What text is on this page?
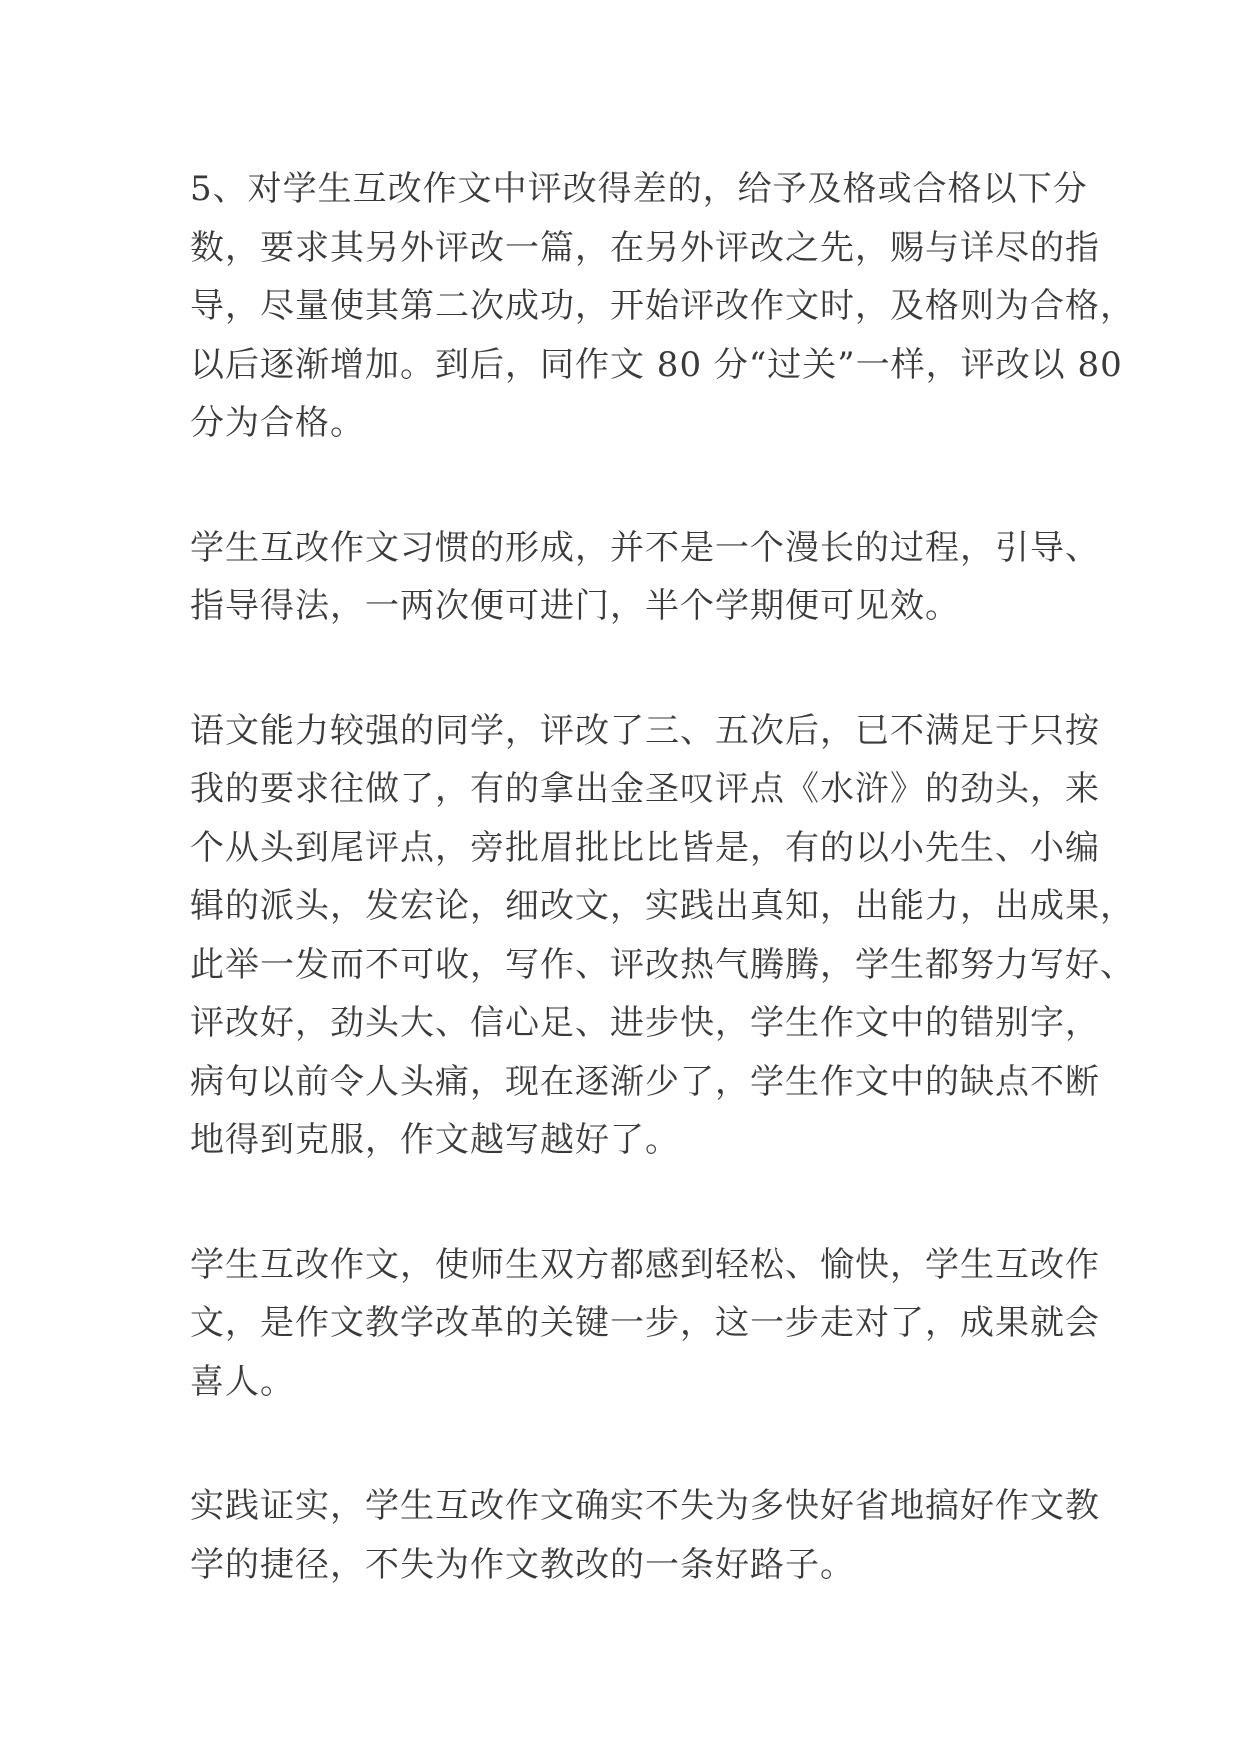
5、对学生互改作文中评改得差的，给予及格或合格以下分
数，要求其另外评改一篇，在另外评改之先，赐与详尽的指
导，尽量使其第二次成功，开始评改作文时，及格则为合格，
以后逐渐增加。到后，同作文 80 分“过关”一样，评改以 80
分为合格。

学生互改作文习惯的形成，并不是一个漫长的过程，引导、
指导得法，一两次便可进门，半个学期便可见效。

语文能力较强的同学，评改了三、五次后，已不满足于只按
我的要求往做了，有的拿出金圣叹评点《水浒》的劲头，来
个从头到尾评点，旁批眉批比比皆是，有的以小先生、小编
辑的派头，发宏论，细改文，实践出真知，出能力，出成果，
此举一发而不可收，写作、评改热气腾腾，学生都努力写好、
评改好，劲头大、信心足、进步快，学生作文中的错别字，
病句以前令人头痛，现在逐渐少了，学生作文中的缺点不断
地得到克服，作文越写越好了。

学生互改作文，使师生双方都感到轻松、愉快，学生互改作
文，是作文教学改革的关键一步，这一步走对了，成果就会
喜人。

实践证实，学生互改作文确实不失为多快好省地搞好作文教
学的捷径，不失为作文教改的一条好路子。
